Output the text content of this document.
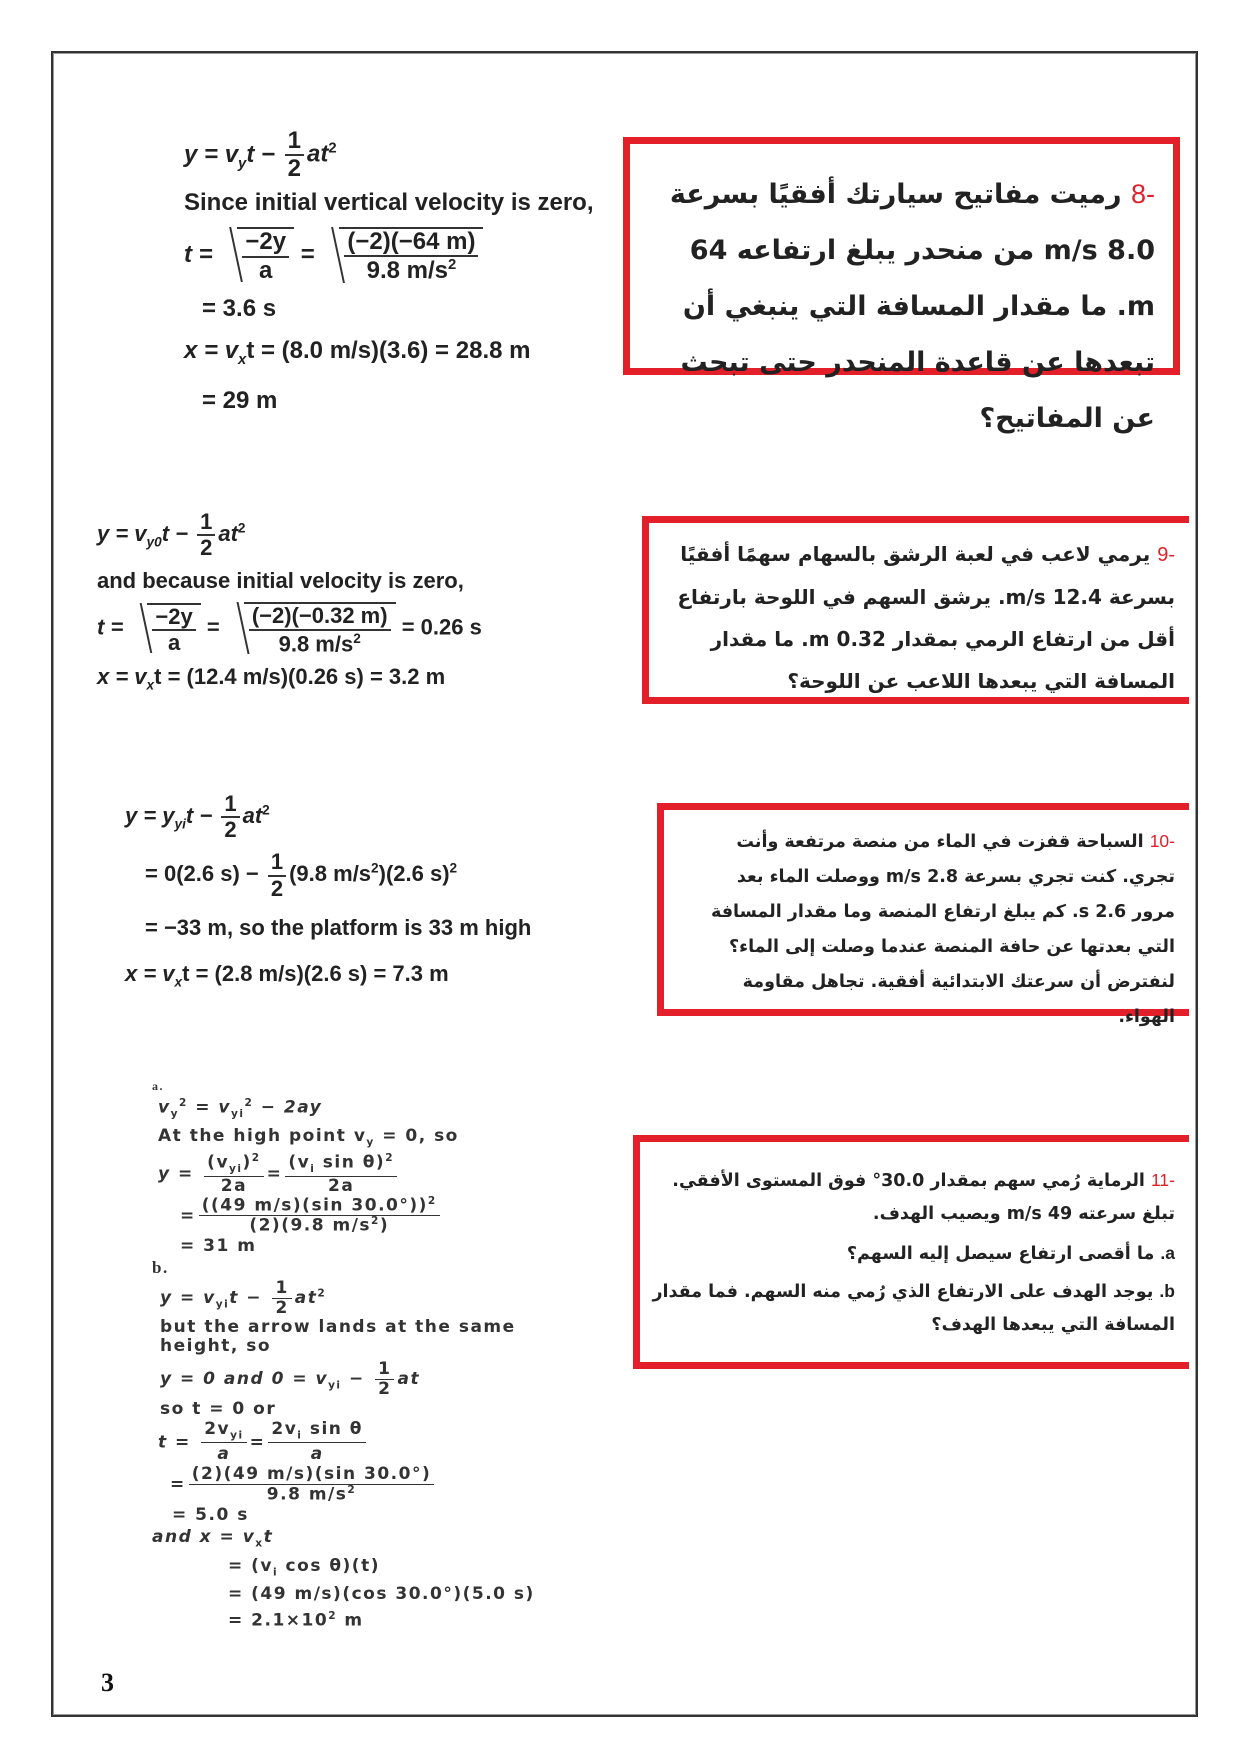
-8 رميت مفاتيح سيارتك أفقيًا بسرعة 8.0 m/s من منحدر يبلغ ارتفاعه 64 m. ما مقدار المسافة التي ينبغي أن تبعدها عن قاعدة المنحدر حتى تبحث عن المفاتيح؟
-9 يرمي لاعب في لعبة الرشق بالسهام سهمًا أفقيًا بسرعة 12.4 m/s. يرشق السهم في اللوحة بارتفاع أقل من ارتفاع الرمي بمقدار 0.32 m. ما مقدار المسافة التي يبعدها اللاعب عن اللوحة؟
-10 السباحة قفزت في الماء من منصة مرتفعة وأنت تجري. كنت تجري بسرعة 2.8 m/s ووصلت الماء بعد مرور 2.6 s. كم يبلغ ارتفاع المنصة وما مقدار المسافة التي بعدتها عن حافة المنصة عندما وصلت إلى الماء؟ لنفترض أن سرعتك الابتدائية أفقية. تجاهل مقاومة الهواء.
-11 الرماية رُمي سهم بمقدار 30.0° فوق المستوى الأفقي. تبلغ سرعته 49 m/s ويصيب الهدف.
a. ما أقصى ارتفاع سيصل إليه السهم؟
b. يوجد الهدف على الارتفاع الذي رُمي منه السهم. فما مقدار المسافة التي يبعدها الهدف؟
$y = v_yt - \frac{1}{2} at^2$
Since initial vertical velocity is zero,
$t = \frac{-2y}{a} = \frac{(-2)(-64 m)}{9.8 m/s^2}$
= 3.6 s
$x = v_xt = (8.0$ m/s)(3.6) = 28.8 m
= 29 m
$y = v_{y0}t - \frac{1}{2} at^2$
and because initial velocity is zero,
$t = \frac{-2y}{a} = \frac{(-2)(-0.32 m)}{9.8 m/s^2} = 0.26$ s
$x = v_xt = (12.4$ m/s)(0.26 s) = 3.2 m
$y = y_{yi}t - \frac{1}{2} at^2$
= 0(2.6 $s) - \frac{1}{2} (9.8$ $m/s^2)(2.6$ s)$^2$
= −33 m, so the platform is 33 m high
$x = v_xt = (2.8$ m/s)(2.6 s) = 7.3 m
a.
$v_y^2 = v_{yi}^2 - 2ay$
At the high point $v_y = 0$, so
$y = \frac{(v_{yi})^2}{2a} = \frac{(v_i \sin \theta)^2}{2a}$
= $\frac{((49 m/s)(\sin 30.0^\circ))^2}{(2)(9.8 m/s^2)}$
= 31 m
b.
$y = v_{yi}t - \frac{1}{2} at^2$
but the arrow lands at the same height, so
y = 0 and $0 = v_{yi} - \frac{1}{2}$ at
so t = 0 or
$t = \frac{2v_{yi}}{a} = \frac{2v_i \sin \theta}{a}$
= $\frac{(2)(49 m/s)(\sin 30.0^\circ)}{9.8 m/s^2}$
= 5.0 s
and $x = v_xt$
= ($v_i$ cos θ)(t)
= (49 m/s)(cos 30.0°)(5.0 s)
= $2.1\times 10^2$ m
3
